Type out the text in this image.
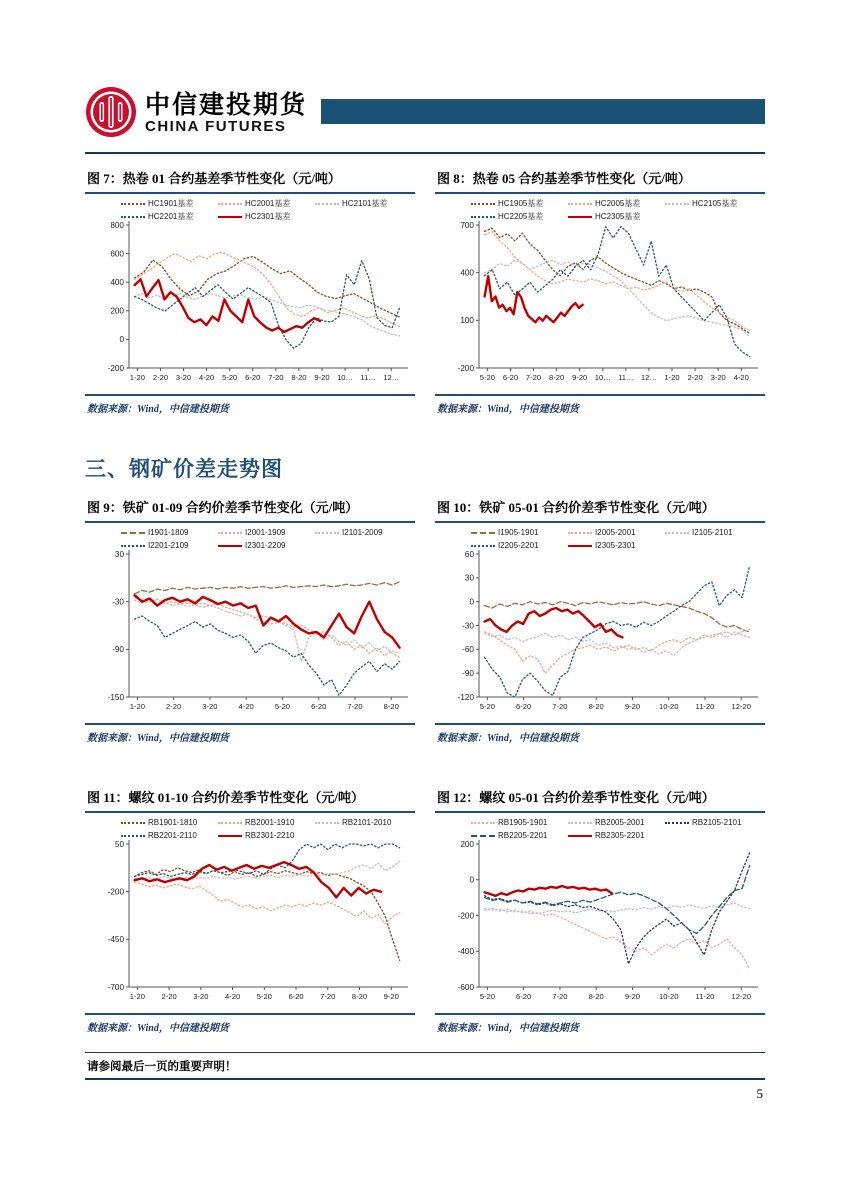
中信建投期货
CHINA FUTURES
图 7：热卷 01 合约基差季节性变化（元/吨）
HC1901基差	HC2001基差	HC2101基差
HC2201基差	HC2301基差
800
600
400
200
0
-200
1-20 2-20 3-20 4-20 5-20 6-20 7-20 8-20 9-20 10… 11… 12…
数据来源：Wind，中信建投期货
图 8：热卷 05 合约基差季节性变化（元/吨）
HC1905基差	HC2005基差	HC2105基差
HC2205基差	HC2305基差
700
400
100
-200
5-20 6-20 7-20 8-20 9-20 10… 11… 12… 1-20 2-20 3-20 4-20
数据来源：Wind，中信建投期货
三、钢矿价差走势图
图 9：铁矿 01-09 合约价差季节性变化（元/吨）
I1901-1809	I2001-1909	I2101-2009
I2201-2109	I2301-2209
30
-30
-90
-150
1-20	2-20	3-20	4-20	5-20	6-20	7-20	8-20
数据来源：Wind，中信建投期货
图 10：铁矿 05-01 合约价差季节性变化（元/吨）
I1905-1901	I2005-2001	I2105-2101
I2205-2201	I2305-2301
60
30
0
-30
-60
-90
-120
5-20	6-20	7-20	8-20	9-20 10-20 11-20 12-20
数据来源：Wind，中信建投期货
图 11：螺纹 01-10 合约价差季节性变化（元/吨）
RB1901-1810	RB2001-1910	RB2101-2010
RB2201-2110	RB2301-2210
50
-200
-450
-700
1-20 2-20 3-20 4-20 5-20 6-20 7-20 8-20 9-20
数据来源：Wind，中信建投期货
图 12：螺纹 05-01 合约价差季节性变化（元/吨）
RB1905-1901	RB2005-2001	RB2105-2101
RB2205-2201	RB2305-2201
200
0
-200
-400
-600
5-20	6-20	7-20	8-20	9-20 10-20 11-20 12-20
数据来源：Wind，中信建投期货
请参阅最后一页的重要声明！
5
